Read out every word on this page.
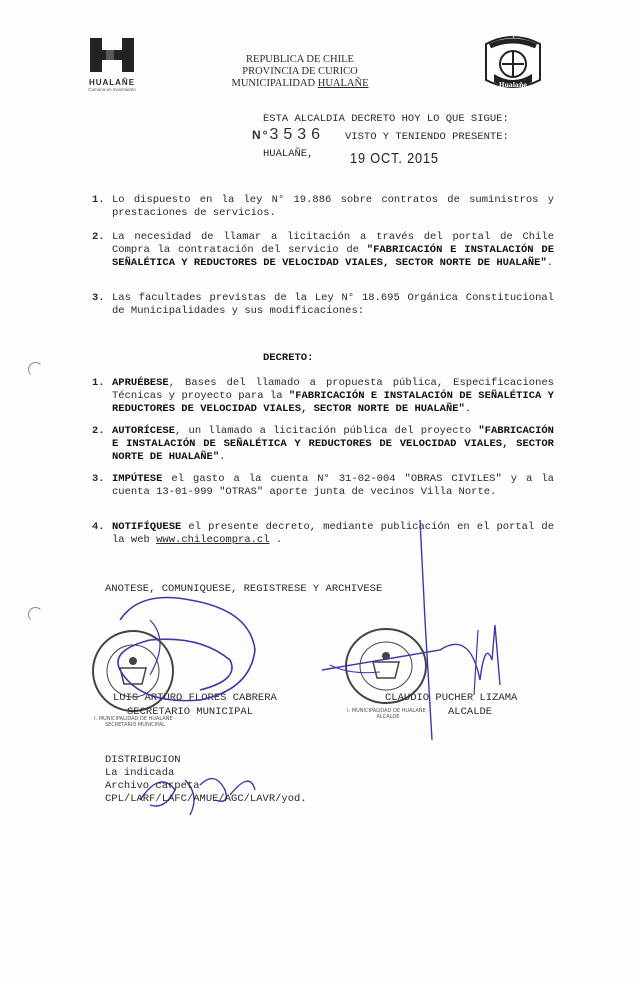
HUALAÑE
Comuna en movimiento
REPUBLICA DE CHILE
PROVINCIA DE CURICO
MUNICIPALIDAD HUALAÑE
Municipalidad
Hualañe
ESTA ALCALDIA DECRETO HOY LO QUE SIGUE:
N°3536 VISTO Y TENIENDO PRESENTE:
HUALAÑE, 19 OCT. 2015
1. Lo dispuesto en la ley N° 19.886 sobre contratos de suministros y prestaciones de servicios.
2. La necesidad de llamar a licitación a través del portal de Chile Compra la contratación del servicio de "FABRICACIÓN E INSTALACIÓN DE SEÑALÉTICA Y REDUCTORES DE VELOCIDAD VIALES, SECTOR NORTE DE HUALAÑE".
3. Las facultades previstas de la Ley N° 18.695 Orgánica Constitucional de Municipalidades y sus modificaciones:
DECRETO:
1. APRUÉBESE, Bases del llamado a propuesta pública, Especificaciones Técnicas y proyecto para la "FABRICACIÓN E INSTALACIÓN DE SEÑALÉTICA Y REDUCTORES DE VELOCIDAD VIALES, SECTOR NORTE DE HUALAÑE".
2. AUTORÍCESE, un llamado a licitación pública del proyecto "FABRICACIÓN E INSTALACIÓN DE SEÑALÉTICA Y REDUCTORES DE VELOCIDAD VIALES, SECTOR NORTE DE HUALAÑE".
3. IMPÚTESE el gasto a la cuenta N° 31-02-004 "OBRAS CIVILES" y a la cuenta 13-01-999 "OTRAS" aporte junta de vecinos Villa Norte.
4. NOTIFÍQUESE el presente decreto, mediante publicación en el portal de la web www.chilecompra.cl .
ANOTESE, COMUNIQUESE, REGISTRESE Y ARCHIVESE
I. MUNICIPALIDAD DE HUALAÑE · SECRETARIO MUNICIPAL
I. MUNICIPALIDAD DE HUALAÑE · ALCALDE
LUIS ARTURO FLORES CABRERA
SECRETARIO MUNICIPAL
CLAUDIO PUCHER LIZAMA
ALCALDE
DISTRIBUCION
La indicada
Archivo carpeta
CPL/LARF/LAFC/AMUE/AGC/LAVR/yod.
